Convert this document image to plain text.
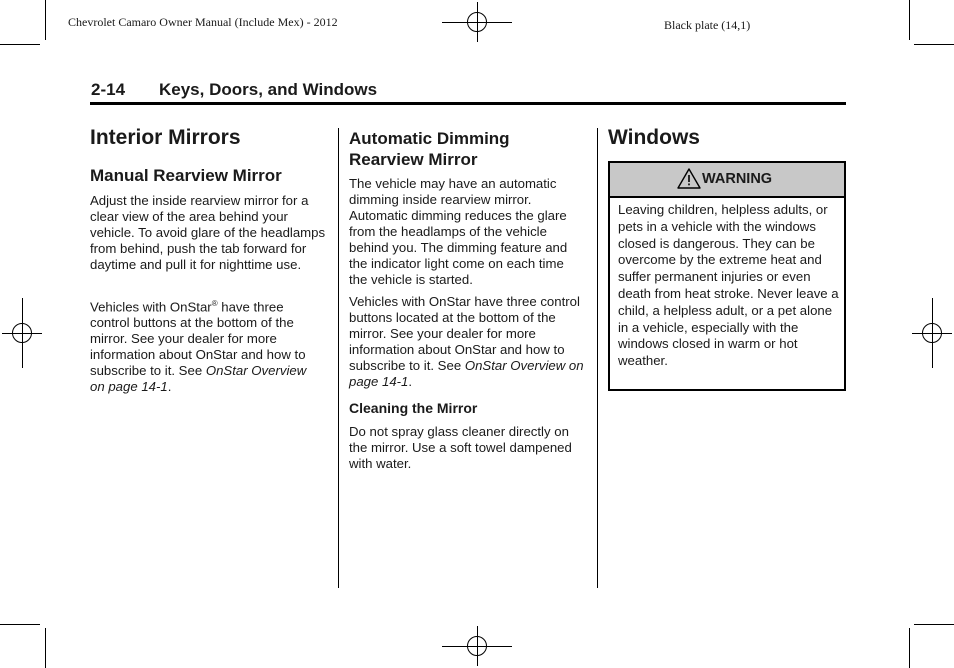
Chevrolet Camaro Owner Manual (Include Mex) - 2012	Black plate (14,1)
2-14 Keys, Doors, and Windows
Interior Mirrors
Manual Rearview Mirror
Adjust the inside rearview mirror for a clear view of the area behind your vehicle. To avoid glare of the headlamps from behind, push the tab forward for daytime and pull it for nighttime use.
Vehicles with OnStar® have three control buttons at the bottom of the mirror. See your dealer for more information about OnStar and how to subscribe to it. See OnStar Overview on page 14‑1.
Automatic Dimming Rearview Mirror
The vehicle may have an automatic dimming inside rearview mirror. Automatic dimming reduces the glare from the headlamps of the vehicle behind you. The dimming feature and the indicator light come on each time the vehicle is started.
Vehicles with OnStar have three control buttons located at the bottom of the mirror. See your dealer for more information about OnStar and how to subscribe to it. See OnStar Overview on page 14‑1.
Cleaning the Mirror
Do not spray glass cleaner directly on the mirror. Use a soft towel dampened with water.
Windows
WARNING
Leaving children, helpless adults, or pets in a vehicle with the windows closed is dangerous. They can be overcome by the extreme heat and suffer permanent injuries or even death from heat stroke. Never leave a child, a helpless adult, or a pet alone in a vehicle, especially with the windows closed in warm or hot weather.
